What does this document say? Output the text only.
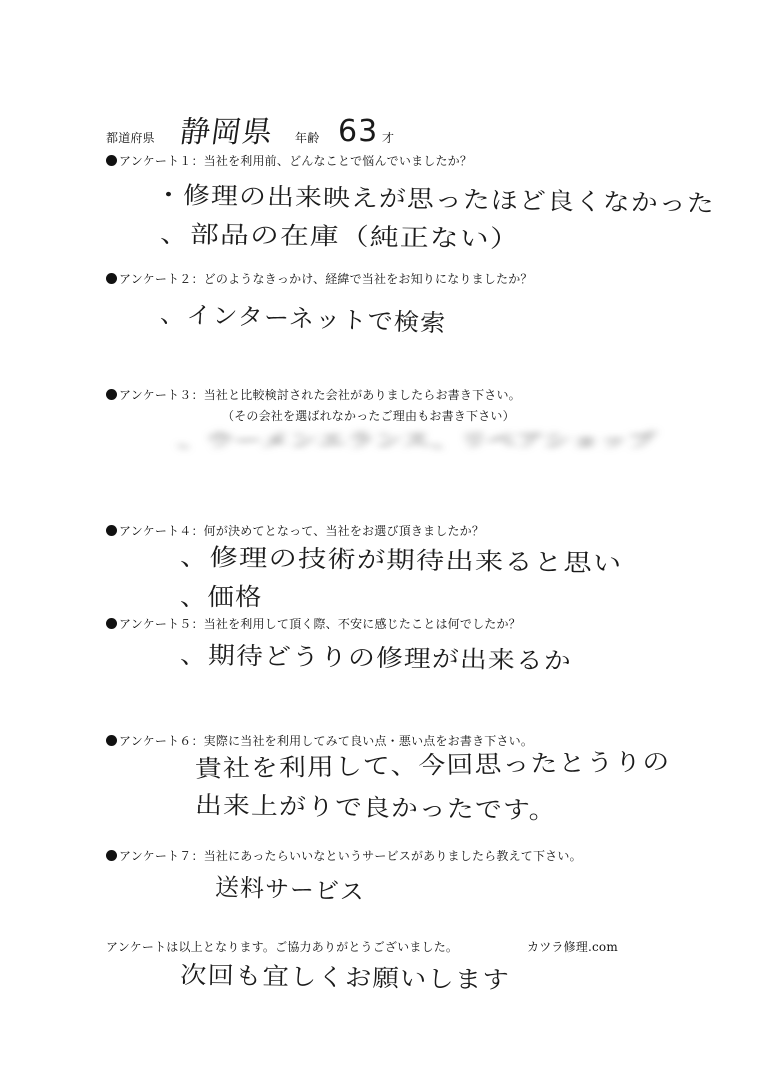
都道府県 静岡県 年齢 63 才
アンケート１：当社を利用前、どんなことで悩んでいましたか？
・修理の出来映えが思ったほど良くなかった
、部品の在庫（純正ない）
アンケート２：どのようなきっかけ、経緯で当社をお知りになりましたか？
、インターネットで検索
アンケート３：当社と比較検討された会社がありましたらお書き下さい。
（その会社を選ばれなかったご理由もお書き下さい）
、ウーメンエランス、リペアショップ
アンケート４：何が決めてとなって、当社をお選び頂きましたか？
、修理の技術が期待出来ると思い
、価格
アンケート５：当社を利用して頂く際、不安に感じたことは何でしたか？
、期待どうりの修理が出来るか
アンケート６：実際に当社を利用してみて良い点・悪い点をお書き下さい。
貴社を利用して、今回思ったとうりの
出来上がりで良かったです。
アンケート７：当社にあったらいいなというサービスがありましたら教えて下さい。
送料サービス
アンケートは以上となります。ご協力ありがとうございました。	カツラ修理.com
次回も宜しくお願いします
